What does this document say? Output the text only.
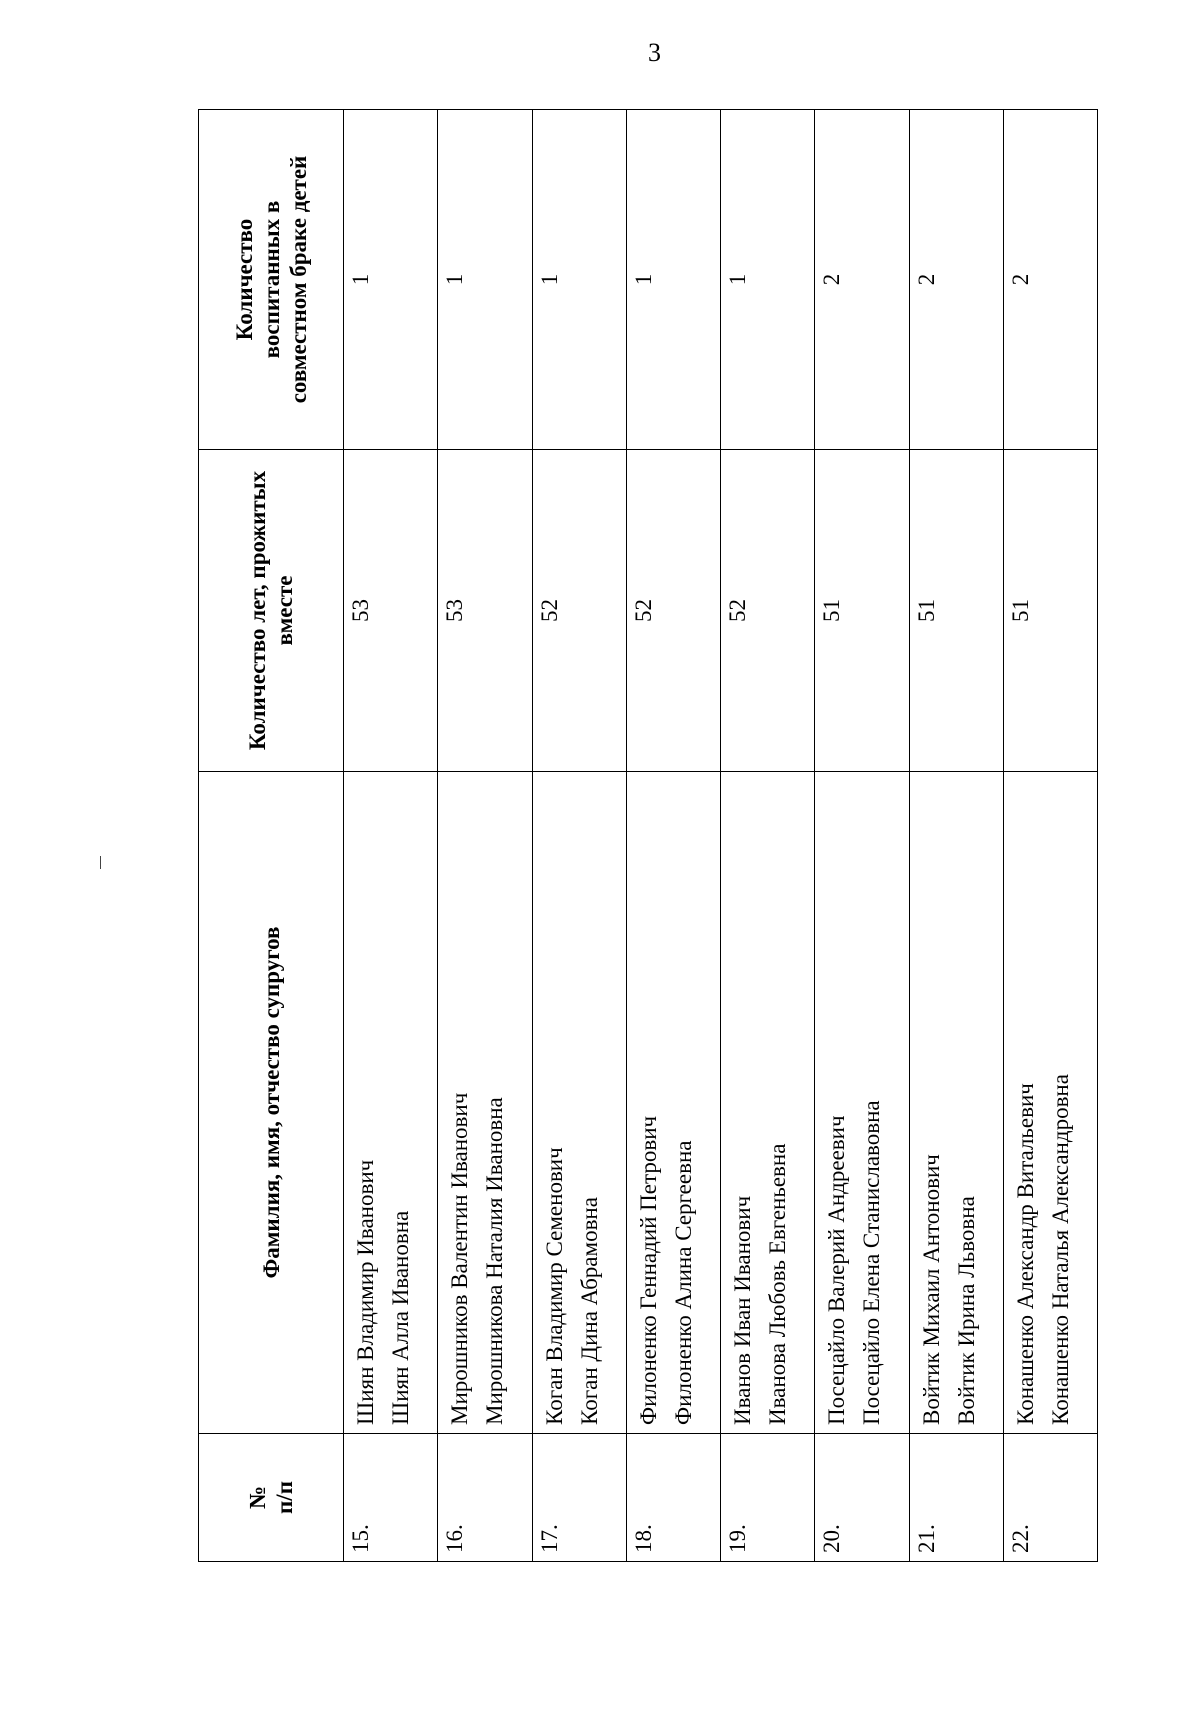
3
№ п/п	Фамилия, имя, отчество супругов	Количество лет, прожитых вместе	Количество воспитанных в совместном браке детей

15.	Шиян Владимир Иванович Шиян Алла Ивановна	53	1
16.	Мирошников Валентин Иванович Мирошникова Наталия Ивановна	53	1
17.	Коган Владимир Семенович Коган Дина Абрамовна	52	1
18.	Филоненко Геннадий Петрович Филоненко Алина Сергеевна	52	1
19.	Иванов Иван Иванович Иванова Любовь Евгеньевна	52	1
20.	Посецайло Валерий Андреевич Посецайло Елена Станиславовна	51	2
21.	Войтик Михаил Антонович Войтик Ирина Львовна	51	2
22.	Конашенко Александр Витальевич Конашенко Наталья Александровна	51	2
